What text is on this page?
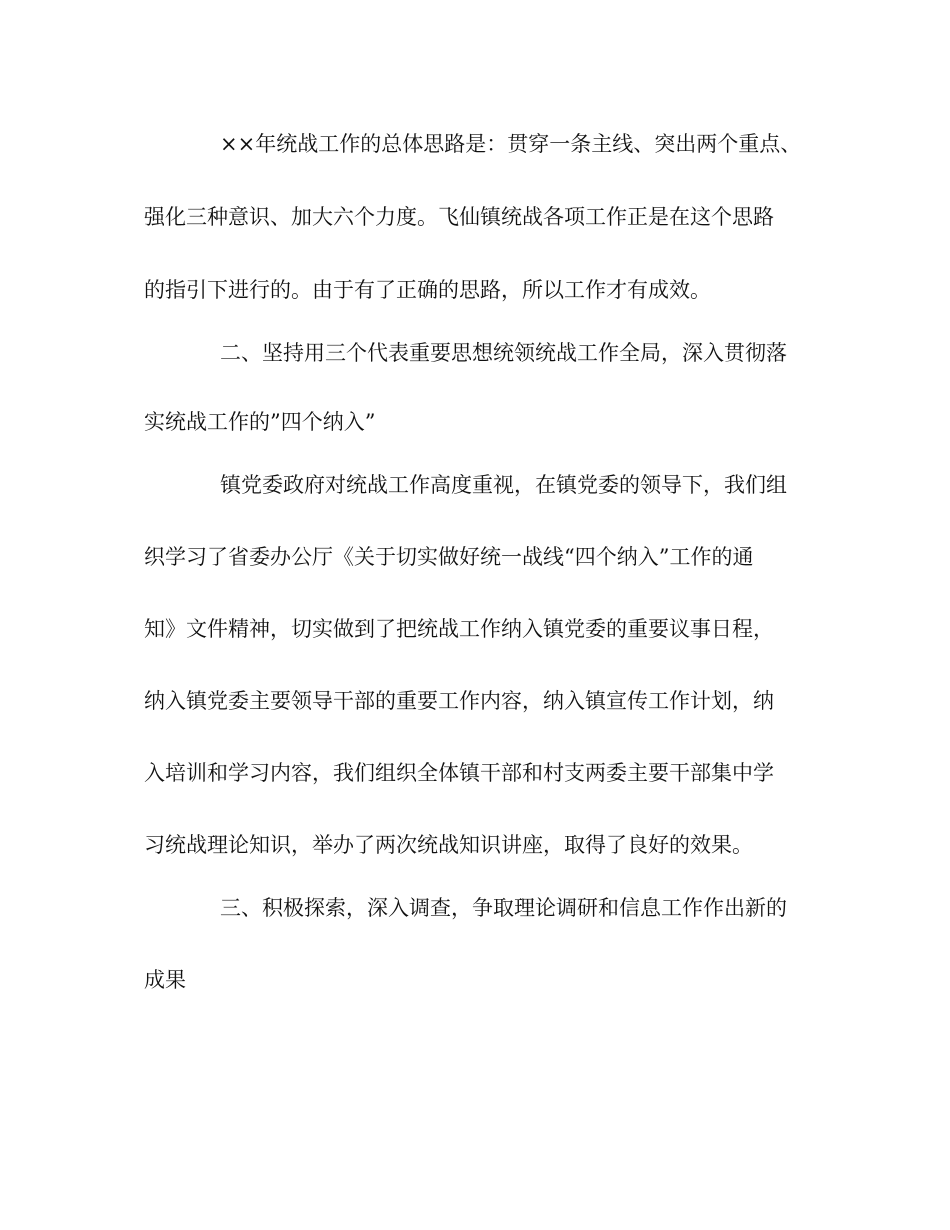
××年统战工作的总体思路是：贯穿一条主线、突出两个重点、
强化三种意识、加大六个力度。飞仙镇统战各项工作正是在这个思路
的指引下进行的。由于有了正确的思路，所以工作才有成效。
二、坚持用三个代表重要思想统领统战工作全局，深入贯彻落
实统战工作的”四个纳入”
镇党委政府对统战工作高度重视，在镇党委的领导下，我们组
织学习了省委办公厅《关于切实做好统一战线“四个纳入”工作的通
知》文件精神，切实做到了把统战工作纳入镇党委的重要议事日程，
纳入镇党委主要领导干部的重要工作内容，纳入镇宣传工作计划，纳
入培训和学习内容，我们组织全体镇干部和村支两委主要干部集中学
习统战理论知识，举办了两次统战知识讲座，取得了良好的效果。
三、积极探索，深入调查，争取理论调研和信息工作作出新的
成果
